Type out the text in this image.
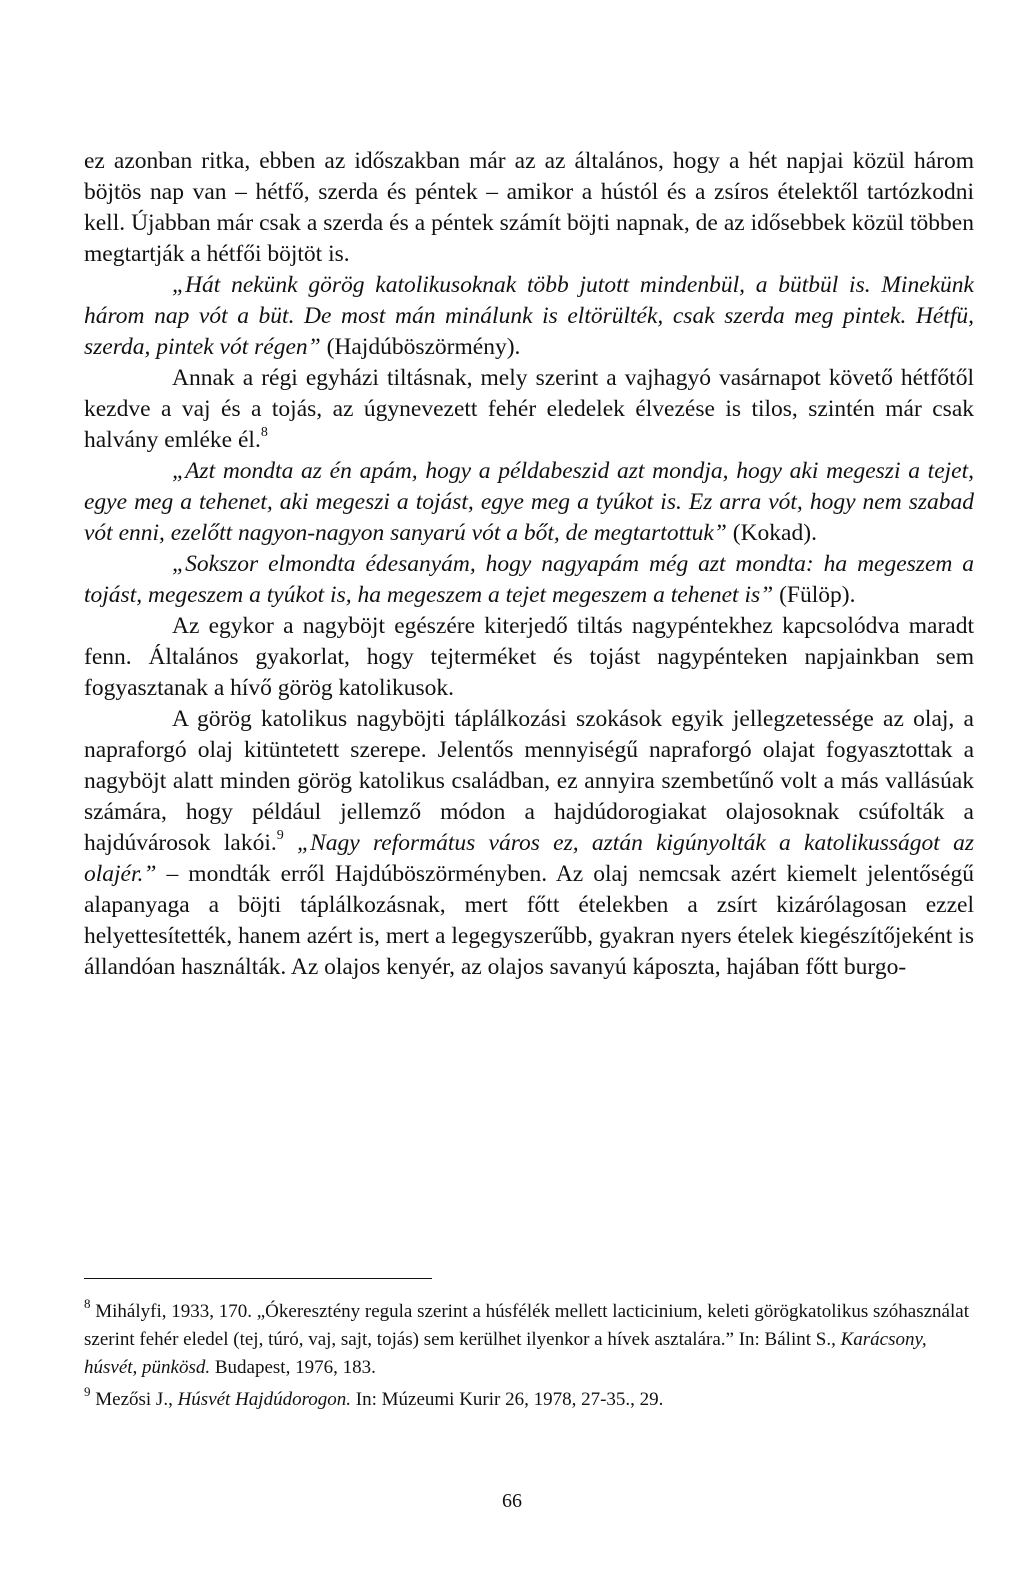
ez azonban ritka, ebben az időszakban már az az általános, hogy a hét napjai közül három böjtös nap van – hétfő, szerda és péntek – amikor a hústól és a zsíros ételektől tartózkodni kell. Újabban már csak a szerda és a péntek számít böjti napnak, de az idősebbek közül többen megtartják a hétfői böjtöt is.

„Hát nekünk görög katolikusoknak több jutott mindenbül, a bütbül is. Minekünk három nap vót a büt. De most mán minálunk is eltörülték, csak szerda meg pintek. Hétfü, szerda, pintek vót régen” (Hajdúböszörmény).

Annak a régi egyházi tiltásnak, mely szerint a vajhagyó vasárnapot követő hétfőtől kezdve a vaj és a tojás, az úgynevezett fehér eledelek élvezése is tilos, szintén már csak halvány emléke él.$^8$

„Azt mondta az én apám, hogy a példabeszid azt mondja, hogy aki megeszi a tejet, egye meg a tehenet, aki megeszi a tojást, egye meg a tyúkot is. Ez arra vót, hogy nem szabad vót enni, ezelőtt nagyon-nagyon sanyarú vót a bőt, de megtartottuk” (Kokad).

„Sokszor elmondta édesanyám, hogy nagyapám még azt mondta: ha megeszem a tojást, megeszem a tyúkot is, ha megeszem a tejet megeszem a tehenet is” (Fülöp).

Az egykor a nagyböjt egészére kiterjedő tiltás nagypéntekhez kapcsolódva maradt fenn. Általános gyakorlat, hogy tejterméket és tojást nagypénteken napjainkban sem fogyasztanak a hívő görög katolikusok.

A görög katolikus nagyböjti táplálkozási szokások egyik jellegzetessége az olaj, a napraforgó olaj kitüntetett szerepe. Jelentős mennyiségű napraforgó olajat fogyasztottak a nagyböjt alatt minden görög katolikus családban, ez annyira szembetűnő volt a más vallásúak számára, hogy például jellemző módon a hajdúdorogiakat olajosoknak csúfolták a hajdúvárosok lakói.$^9$ „Nagy református város ez, aztán kigúnyolták a katolikusságot az olajér.” – mondták erről Hajdúböszörményben. Az olaj nemcsak azért kiemelt jelentőségű alapanyaga a böjti táplálkozásnak, mert főtt ételekben a zsírt kizárólagosan ezzel helyettesítették, hanem azért is, mert a legegyszerűbb, gyakran nyers ételek kiegészítőjeként is állandóan használták. Az olajos kenyér, az olajos savanyú káposzta, hajában főtt burgo-

$^8$ Mihályfi, 1933, 170. „Ókeresztény regula szerint a húsfélék mellett lacticinium, keleti görögkatolikus szóhasználat szerint fehér eledel (tej, túró, vaj, sajt, tojás) sem kerülhet ilyenkor a hívek asztalára.” In: Bálint S., Karácsony, húsvét, pünkösd. Budapest, 1976, 183.

$^9$ Mezősi J., Húsvét Hajdúdorogon. In: Múzeumi Kurir 26, 1978, 27-35., 29.

66
